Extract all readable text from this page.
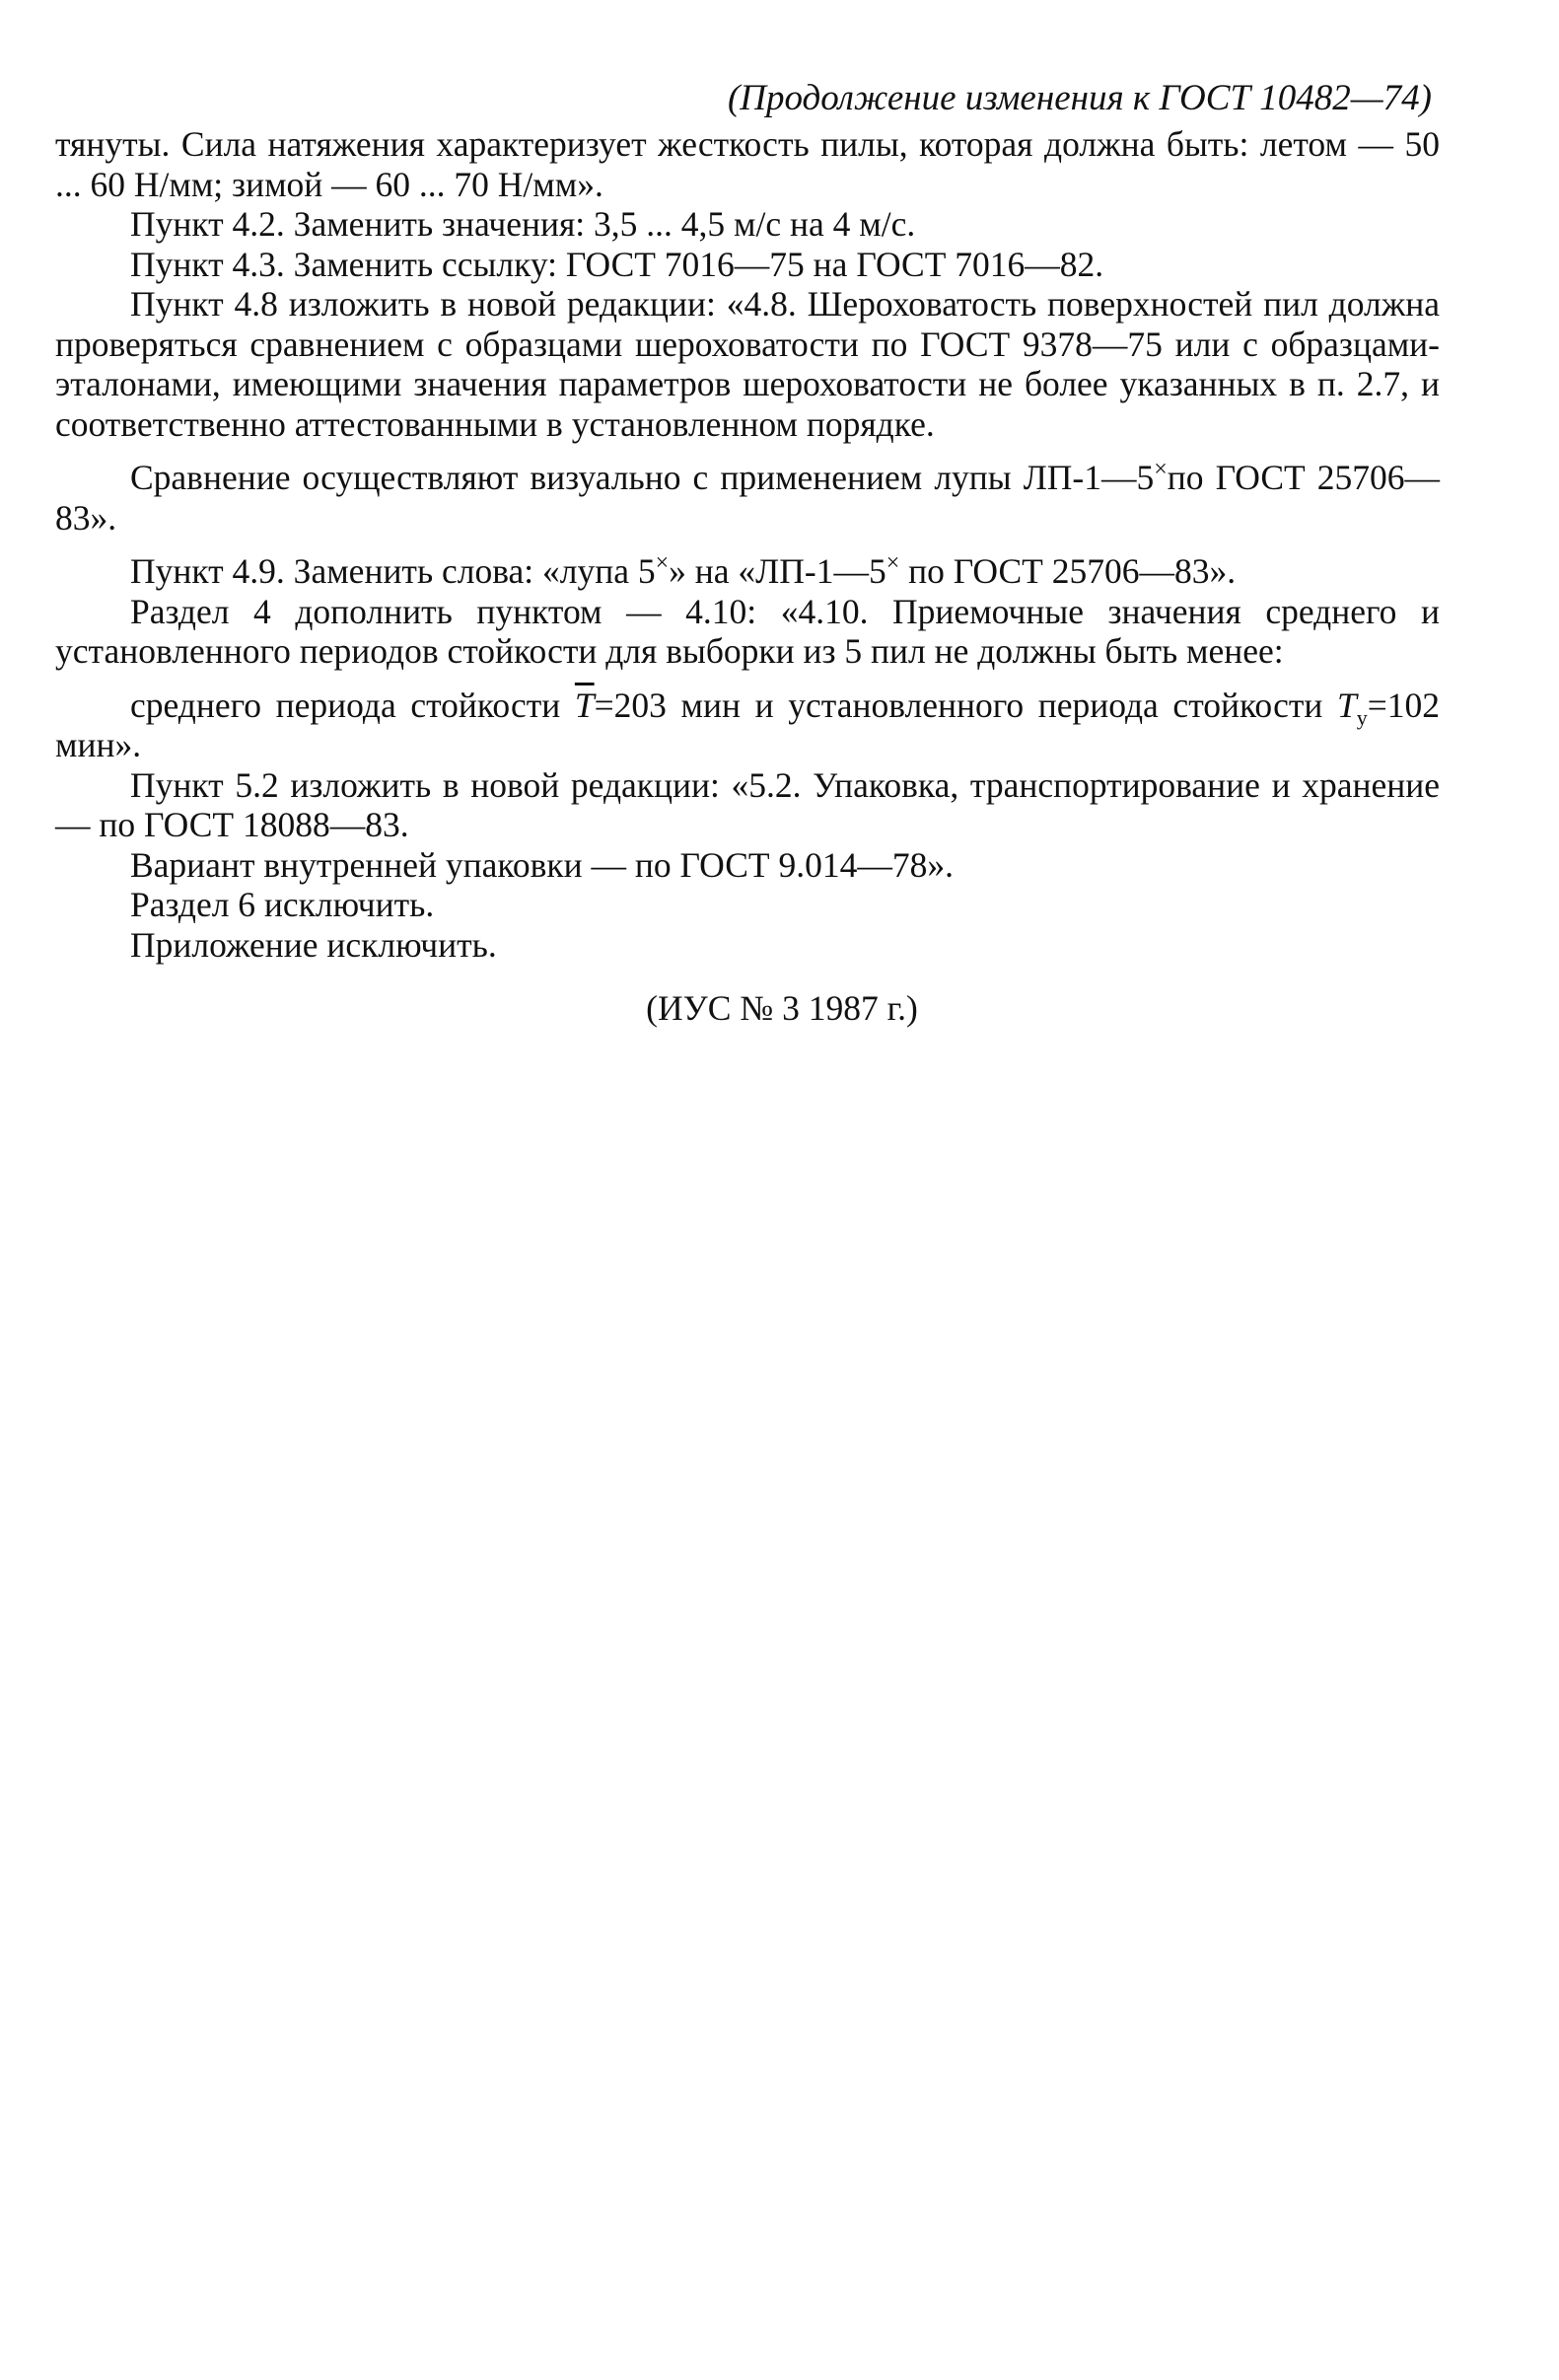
(Продолжение изменения к ГОСТ 10482—74)

тянуты. Сила натяжения характеризует жесткость пилы, которая должна быть: летом — 50 ... 60 Н/мм; зимой — 60 ... 70 Н/мм».

Пункт 4.2. Заменить значения: 3,5 ... 4,5 м/с на 4 м/с.

Пункт 4.3. Заменить ссылку: ГОСТ 7016—75 на ГОСТ 7016—82.

Пункт 4.8 изложить в новой редакции: «4.8. Шероховатость поверхностей пил должна проверяться сравнением с образцами шероховатости по ГОСТ 9378—75 или с образцами-эталонами, имеющими значения параметров шероховатости не более указанных в п. 2.7, и соответственно аттестованными в установленном порядке.

Сравнение осуществляют визуально с применением лупы ЛП-1—5×по ГОСТ 25706—83».

Пункт 4.9. Заменить слова: «лупа 5×» на «ЛП-1—5× по ГОСТ 25706—83».

Раздел 4 дополнить пунктом — 4.10: «4.10. Приемочные значения среднего и установленного периодов стойкости для выборки из 5 пил не должны быть менее:

среднего периода стойкости $\overline{T}=203$ мин и установленного периода стойкости $T_у=102$ мин».

Пункт 5.2 изложить в новой редакции: «5.2. Упаковка, транспортирование и хранение — по ГОСТ 18088—83.

Вариант внутренней упаковки — по ГОСТ 9.014—78».

Раздел 6 исключить.

Приложение исключить.

(ИУС № 3 1987 г.)
